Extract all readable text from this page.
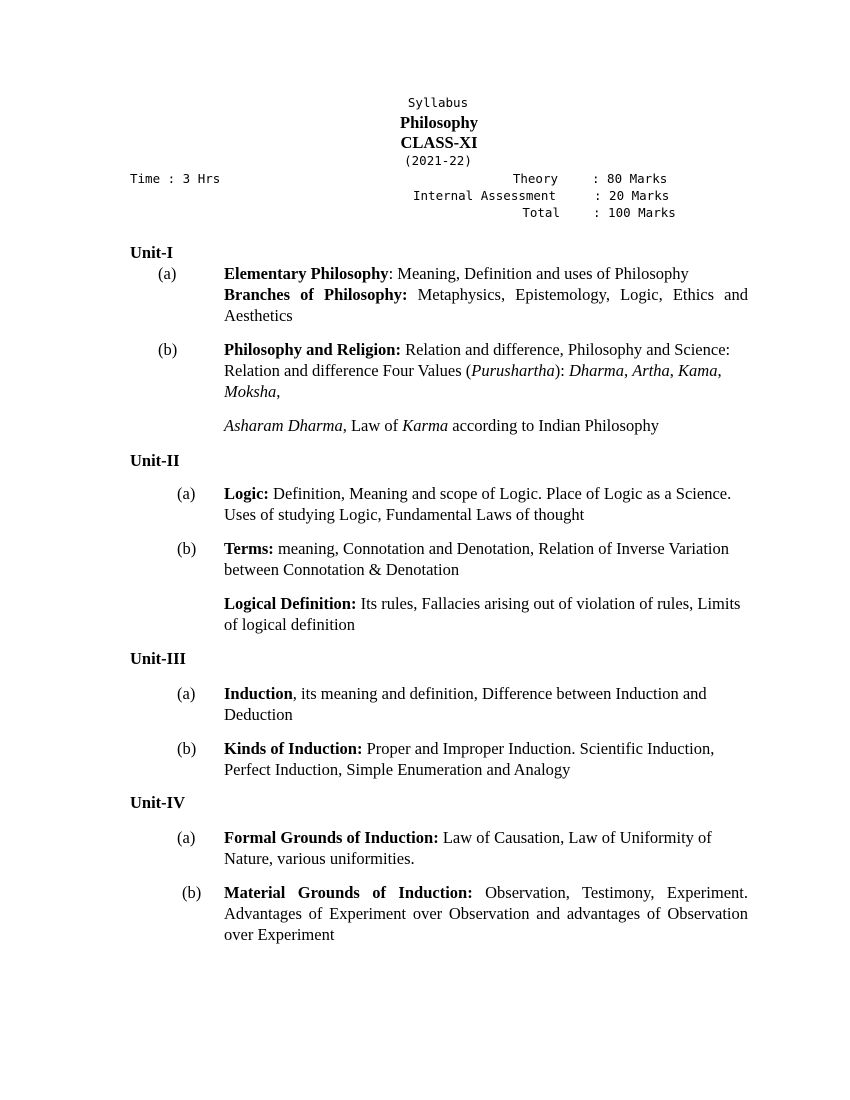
Syllabus
Philosophy
CLASS-XI
(2021-22)
Time : 3 Hrs	Theory	: 80 Marks
Internal Assessment	: 20 Marks
Total	: 100 Marks
Unit-I
(a)	Elementary Philosophy: Meaning, Definition and uses of Philosophy
Branches of Philosophy: Metaphysics, Epistemology, Logic, Ethics and Aesthetics
(b)	Philosophy and Religion: Relation and difference, Philosophy and Science: Relation and difference Four Values (Purushartha): Dharma, Artha, Kama, Moksha,
Asharam Dharma, Law of Karma according to Indian Philosophy
Unit-II
(a) Logic: Definition, Meaning and scope of Logic. Place of Logic as a Science. Uses of studying Logic, Fundamental Laws of thought
(b) Terms: meaning, Connotation and Denotation, Relation of Inverse Variation between Connotation & Denotation
Logical Definition: Its rules, Fallacies arising out of violation of rules, Limits of logical definition
Unit-III
(a) Induction, its meaning and definition, Difference between Induction and Deduction
(b) Kinds of Induction: Proper and Improper Induction. Scientific Induction, Perfect Induction, Simple Enumeration and Analogy
Unit-IV
(a) Formal Grounds of Induction: Law of Causation, Law of Uniformity of Nature, various uniformities.
(b) Material Grounds of Induction: Observation, Testimony, Experiment. Advantages of Experiment over Observation and advantages of Observation over Experiment
